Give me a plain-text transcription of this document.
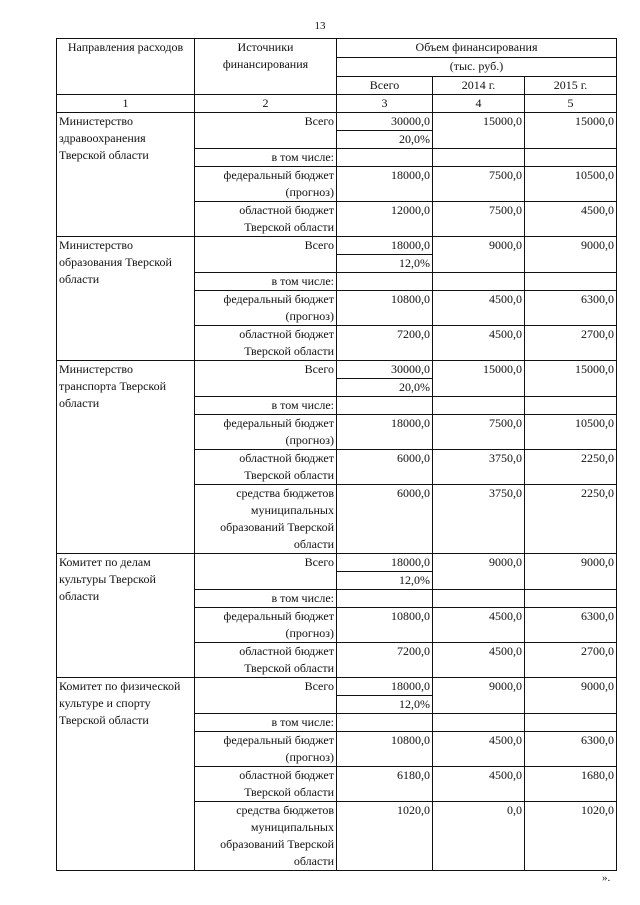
13
Направления расходов	Источники финансирования	Объем финансирования		
		(тыс. руб.)		
		Всего	2014 г.	2015 г.
1	2	3	4	5
Министерство здравоохранения Тверской области	Всего	30000,0	15000,0	15000,0
		20,0%		
	в том числе:			
	федеральный бюджет (прогноз)	18000,0	7500,0	10500,0
	областной бюджет Тверской области	12000,0	7500,0	4500,0
Министерство образования Тверской области	Всего	18000,0	9000,0	9000,0
		12,0%		
	в том числе:			
	федеральный бюджет (прогноз)	10800,0	4500,0	6300,0
	областной бюджет Тверской области	7200,0	4500,0	2700,0
Министерство транспорта Тверской области	Всего	30000,0	15000,0	15000,0
		20,0%		
	в том числе:			
	федеральный бюджет (прогноз)	18000,0	7500,0	10500,0
	областной бюджет Тверской области	6000,0	3750,0	2250,0
	средства бюджетов муниципальных образований Тверской области	6000,0	3750,0	2250,0
Комитет по делам культуры Тверской области	Всего	18000,0	9000,0	9000,0
		12,0%		
	в том числе:			
	федеральный бюджет (прогноз)	10800,0	4500,0	6300,0
	областной бюджет Тверской области	7200,0	4500,0	2700,0
Комитет по физической культуре и спорту Тверской области	Всего	18000,0	9000,0	9000,0
		12,0%		
	в том числе:			
	федеральный бюджет (прогноз)	10800,0	4500,0	6300,0
	областной бюджет Тверской области	6180,0	4500,0	1680,0
	средства бюджетов муниципальных образований Тверской области	1020,0	0,0	1020,0
».
